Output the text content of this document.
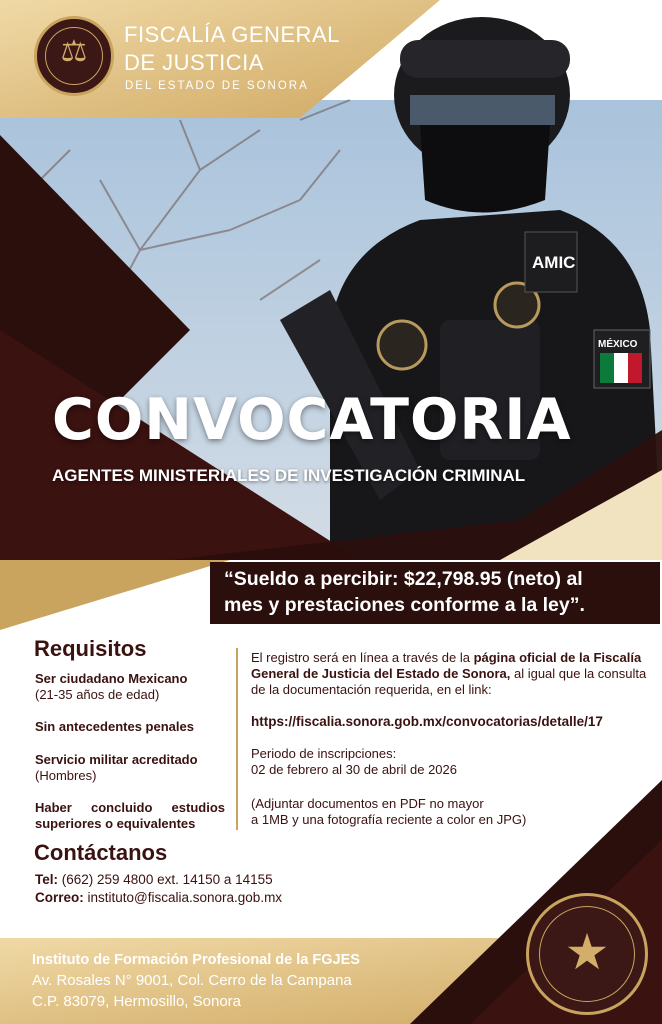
AMIC
MÉXICO
⚖	FISCALÍA GENERAL
DE JUSTICIA
DEL ESTADO DE SONORA
CONVOCATORIA
AGENTES MINISTERIALES DE INVESTIGACIÓN CRIMINAL
“Sueldo a percibir: $22,798.95 (neto) al
mes y prestaciones conforme a la ley”.
Requisitos
Ser ciudadano Mexicano
(21-35 años de edad)
Sin antecedentes penales
Servicio militar acreditado
(Hombres)
Haber concluido estudios superiores o equivalentes
El registro será en línea a través de la página oficial de la Fiscalía General de Justicia del Estado de Sonora, al igual que la consulta de la documentación requerida, en el link:
https://fiscalia.sonora.gob.mx/convocatorias/detalle/17
Periodo de inscripciones:
02 de febrero al 30 de abril de 2026
(Adjuntar documentos en PDF no mayor
a 1MB y una fotografía reciente a color en JPG)
Contáctanos
Tel: (662) 259 4800 ext. 14150 a 14155
Correo: instituto@fiscalia.sonora.gob.mx
Instituto de Formación Profesional de la FGJES
Av. Rosales N° 9001, Col. Cerro de la Campana
C.P. 83079, Hermosillo, Sonora
★
